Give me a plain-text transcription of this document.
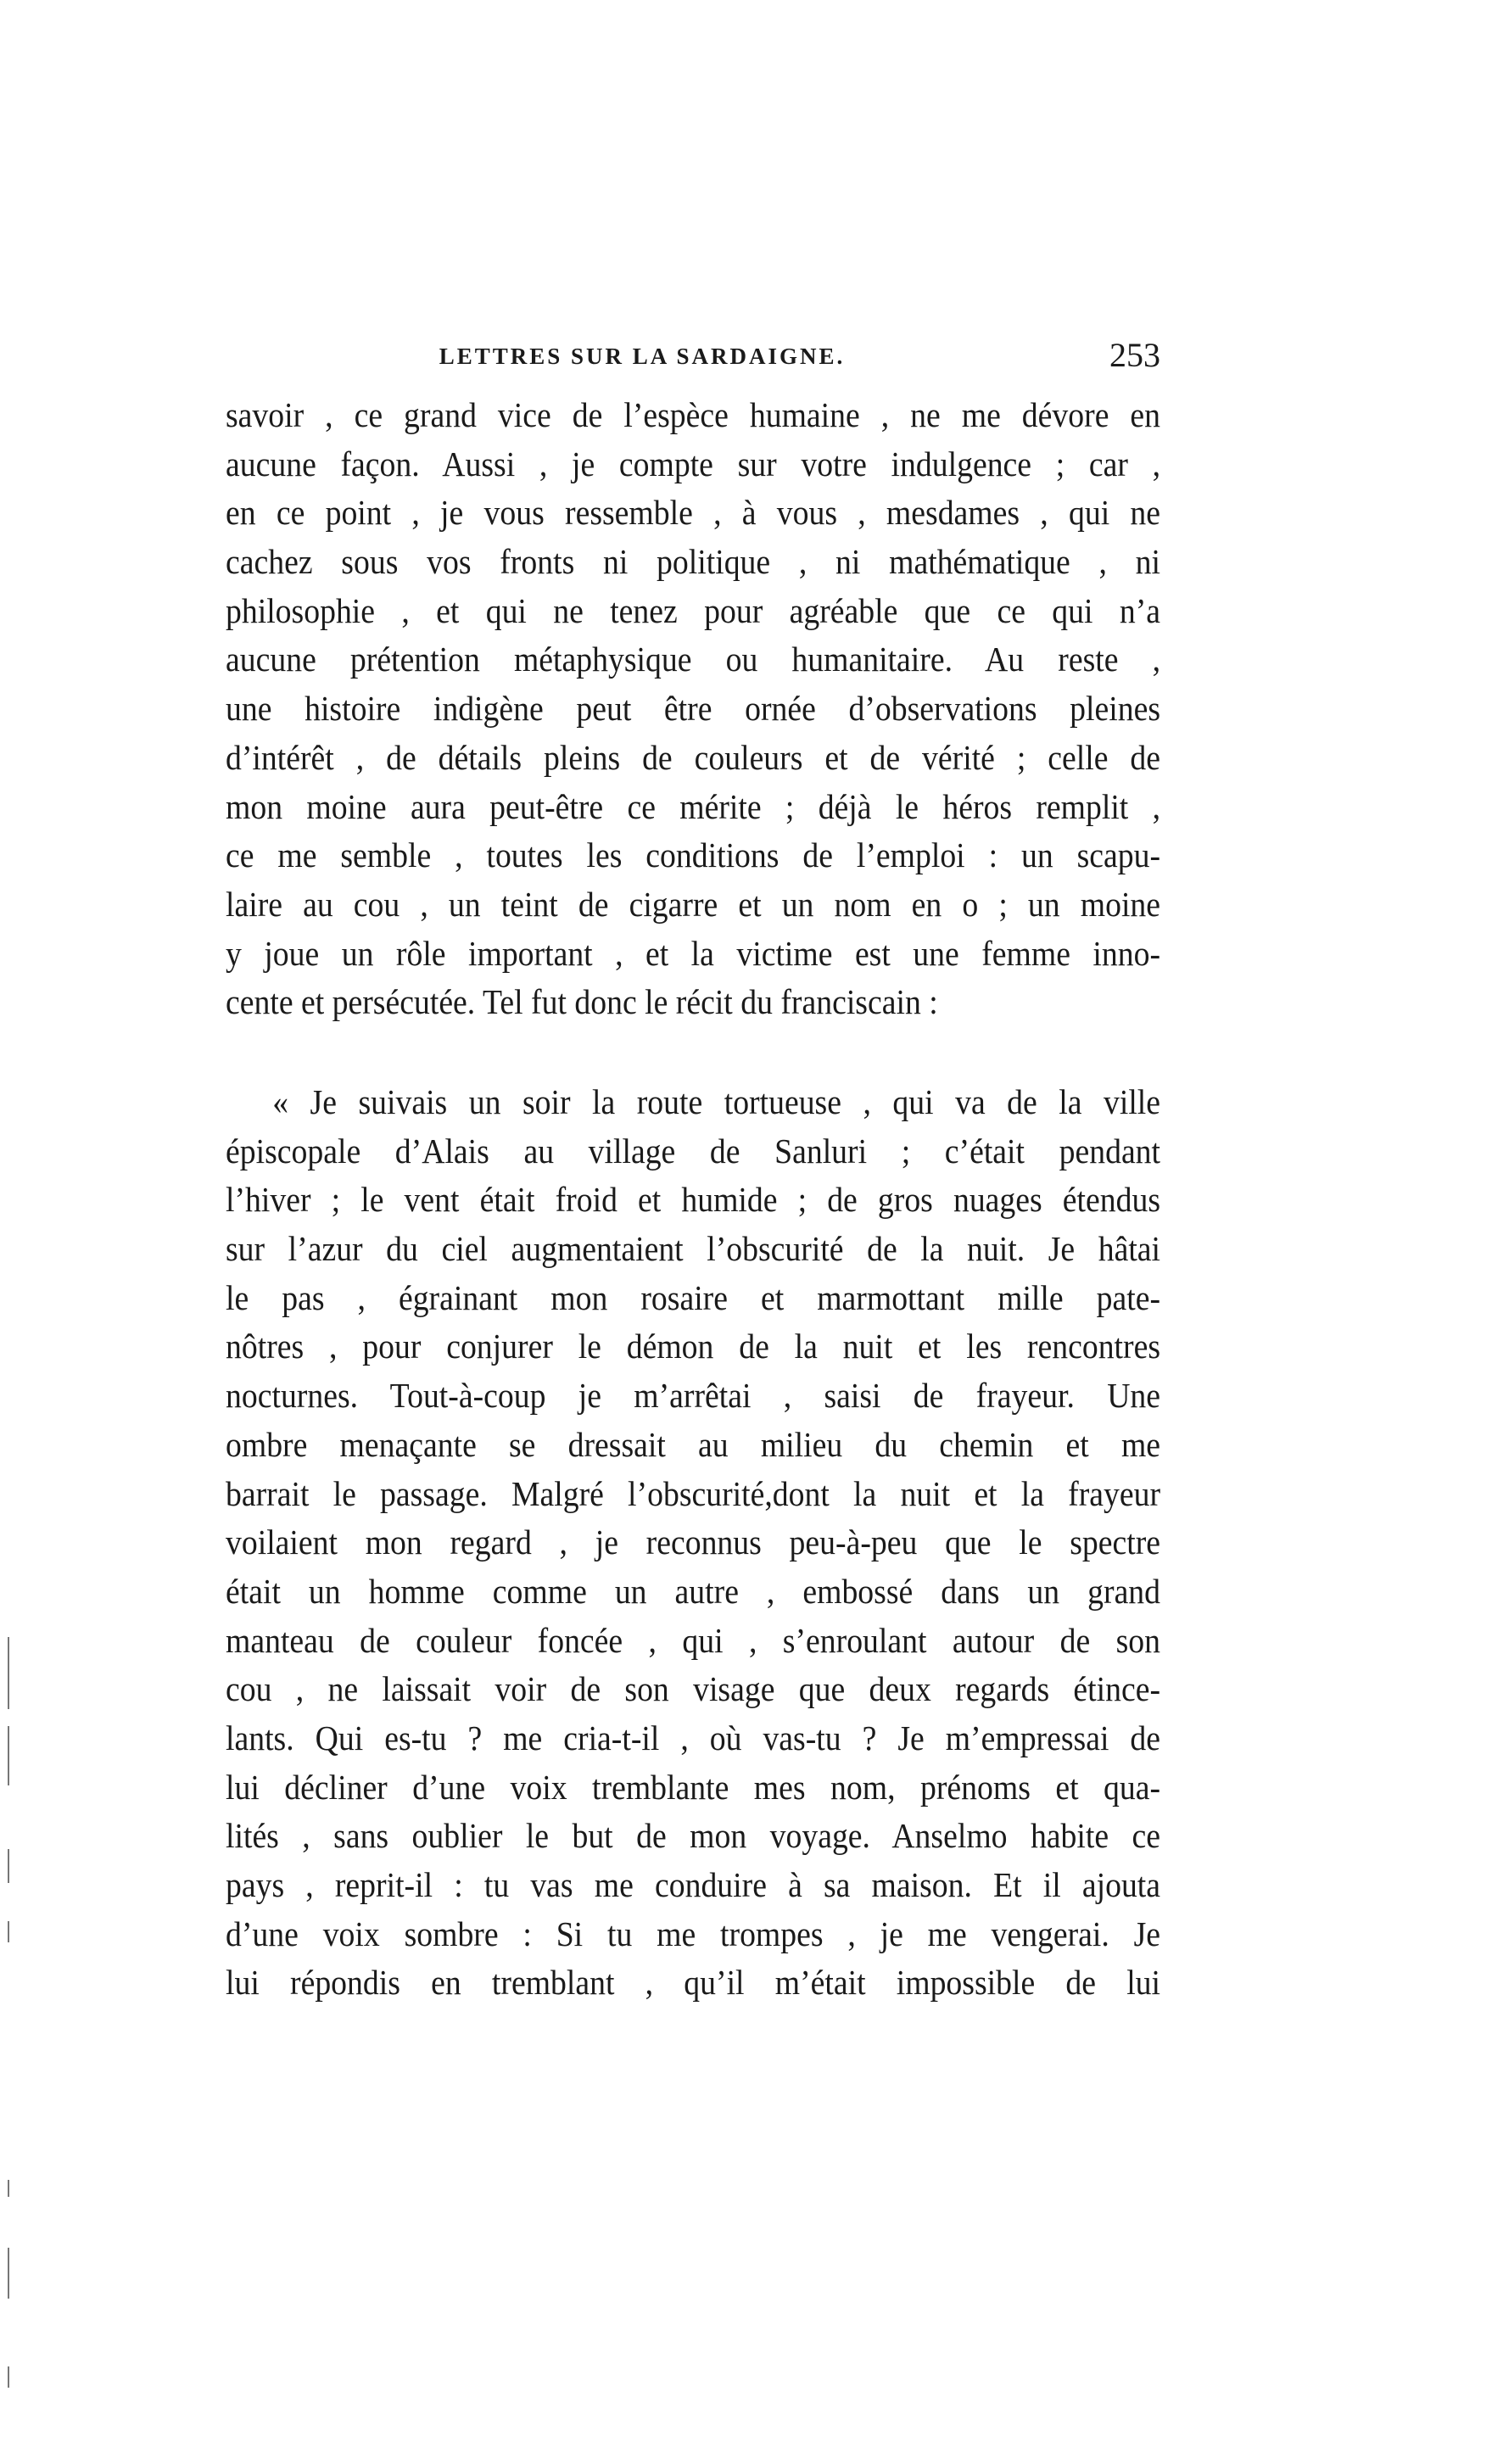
LETTRES SUR LA SARDAIGNE.	253
savoir , ce grand vice de l’espèce humaine , ne me dévore en
aucune façon. Aussi , je compte sur votre indulgence ; car ,
en ce point , je vous ressemble , à vous , mesdames , qui ne
cachez sous vos fronts ni politique , ni mathématique , ni
philosophie , et qui ne tenez pour agréable que ce qui n’a
aucune prétention métaphysique ou humanitaire. Au reste ,
une histoire indigène peut être ornée d’observations pleines
d’intérêt , de détails pleins de couleurs et de vérité ; celle de
mon moine aura peut-être ce mérite ; déjà le héros remplit ,
ce me semble , toutes les conditions de l’emploi : un scapu-
laire au cou , un teint de cigarre et un nom en o ; un moine
y joue un rôle important , et la victime est une femme inno-
cente et persécutée. Tel fut donc le récit du franciscain :
« Je suivais un soir la route tortueuse , qui va de la ville
épiscopale d’Alais au village de Sanluri ; c’était pendant
l’hiver ; le vent était froid et humide ; de gros nuages étendus
sur l’azur du ciel augmentaient l’obscurité de la nuit. Je hâtai
le pas , égrainant mon rosaire et marmottant mille pate-
nôtres , pour conjurer le démon de la nuit et les rencontres
nocturnes. Tout-à-coup je m’arrêtai , saisi de frayeur. Une
ombre menaçante se dressait au milieu du chemin et me
barrait le passage. Malgré l’obscurité,dont la nuit et la frayeur
voilaient mon regard , je reconnus peu-à-peu que le spectre
était un homme comme un autre , embossé dans un grand
manteau de couleur foncée , qui , s’enroulant autour de son
cou , ne laissait voir de son visage que deux regards étince-
lants. Qui es-tu ? me cria-t-il , où vas-tu ? Je m’empressai de
lui décliner d’une voix tremblante mes nom, prénoms et qua-
lités , sans oublier le but de mon voyage. Anselmo habite ce
pays , reprit-il : tu vas me conduire à sa maison. Et il ajouta
d’une voix sombre : Si tu me trompes , je me vengerai. Je
lui répondis en tremblant , qu’il m’était impossible de lui
